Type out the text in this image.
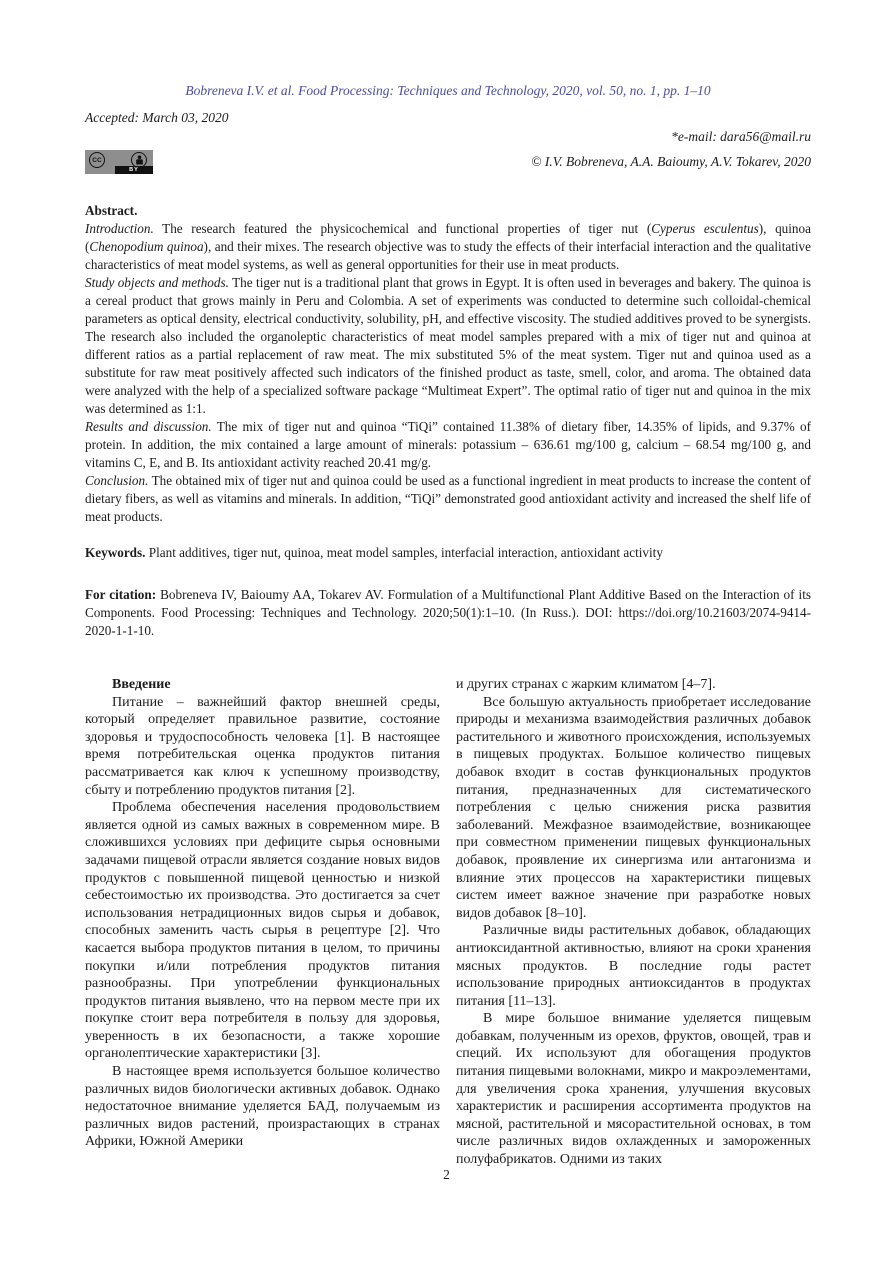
Bobreneva I.V. et al. Food Processing: Techniques and Technology, 2020, vol. 50, no. 1, pp. 1–10
Accepted: March 03, 2020
*e-mail: dara56@mail.ru
CC
BY
© I.V. Bobreneva, A.A. Baioumy, A.V. Tokarev, 2020

Abstract.

Introduction. The research featured the physicochemical and functional properties of tiger nut (Cyperus esculentus), quinoa (Chenopodium quinoa), and their mixes. The research objective was to study the effects of their interfacial interaction and the qualitative characteristics of meat model systems, as well as general opportunities for their use in meat products.

Study objects and methods. The tiger nut is a traditional plant that grows in Egypt. It is often used in beverages and bakery. The quinoa is a cereal product that grows mainly in Peru and Colombia. A set of experiments was conducted to determine such colloidal-chemical parameters as optical density, electrical conductivity, solubility, pH, and effective viscosity. The studied additives proved to be synergists. The research also included the organoleptic characteristics of meat model samples prepared with a mix of tiger nut and quinoa at different ratios as a partial replacement of raw meat. The mix substituted 5% of the meat system. Tiger nut and quinoa used as a substitute for raw meat positively affected such indicators of the finished product as taste, smell, color, and aroma. The obtained data were analyzed with the help of a specialized software package “Multimeat Expert”. The optimal ratio of tiger nut and quinoa in the mix was determined as 1:1.

Results and discussion. The mix of tiger nut and quinoa “TiQi” contained 11.38% of dietary fiber, 14.35% of lipids, and 9.37% of protein. In addition, the mix contained a large amount of minerals: potassium – 636.61 mg/100 g, calcium – 68.54 mg/100 g, and vitamins C, E, and B. Its antioxidant activity reached 20.41 mg/g.

Conclusion. The obtained mix of tiger nut and quinoa could be used as a functional ingredient in meat products to increase the content of dietary fibers, as well as vitamins and minerals. In addition, “TiQi” demonstrated good antioxidant activity and increased the shelf life of meat products.

Keywords. Plant additives, tiger nut, quinoa, meat model samples, interfacial interaction, antioxidant activity
For citation: Bobreneva IV, Baioumy AA, Tokarev AV. Formulation of a Multifunctional Plant Additive Based on the Interaction of its Components. Food Processing: Techniques and Technology. 2020;50(1):1–10. (In Russ.). DOI: https://doi.org/10.21603/2074-9414-2020-1-1-10.

Введение

Питание – важнейший фактор внешней среды, который определяет правильное развитие, состояние здоровья и трудоспособность человека [1]. В настоящее время потребительская оценка продуктов питания рассматривается как ключ к успешному производству, сбыту и потреблению продуктов питания [2].

Проблема обеспечения населения продовольствием является одной из самых важных в современном мире. В сложившихся условиях при дефиците сырья основными задачами пищевой отрасли является создание новых видов продуктов с повышенной пищевой ценностью и низкой себестоимостью их производства. Это достигается за счет использования нетрадиционных видов сырья и добавок, способных заменить часть сырья в рецептуре [2]. Что касается выбора продуктов питания в целом, то причины покупки и/или потребления продуктов питания разнообразны. При употреблении функциональных продуктов питания выявлено, что на первом месте при их покупке стоит вера потребителя в пользу для здоровья, уверенность в их безопасности, а также хорошие органолептические характеристики [3].

В настоящее время используется большое количество различных видов биологически активных добавок. Однако недостаточное внимание уделяется БАД, получаемым из различных видов растений, произрастающих в странах Африки, Южной Америки

и других странах с жарким климатом [4–7].

Все большую актуальность приобретает исследование природы и механизма взаимодействия различных добавок растительного и животного происхождения, используемых в пищевых продуктах. Большое количество пищевых добавок входит в состав функциональных продуктов питания, предназначенных для систематического потребления с целью снижения риска развития заболеваний. Межфазное взаимодействие, возникающее при совместном применении пищевых функциональных добавок, проявление их синергизма или антагонизма и влияние этих процессов на характеристики пищевых систем имеет важное значение при разработке новых видов добавок [8–10].

Различные виды растительных добавок, обладающих антиоксидантной активностью, влияют на сроки хранения мясных продуктов. В последние годы растет использование природных антиоксидантов в продуктах питания [11–13].

В мире большое внимание уделяется пищевым добавкам, полученным из орехов, фруктов, овощей, трав и специй. Их используют для обогащения продуктов питания пищевыми волокнами, микро и макроэлементами, для увеличения срока хранения, улучшения вкусовых характеристик и расширения ассортимента продуктов на мясной, растительной и мясорастительной основах, в том числе различных видов охлажденных и замороженных полуфабрикатов. Одними из таких

2
